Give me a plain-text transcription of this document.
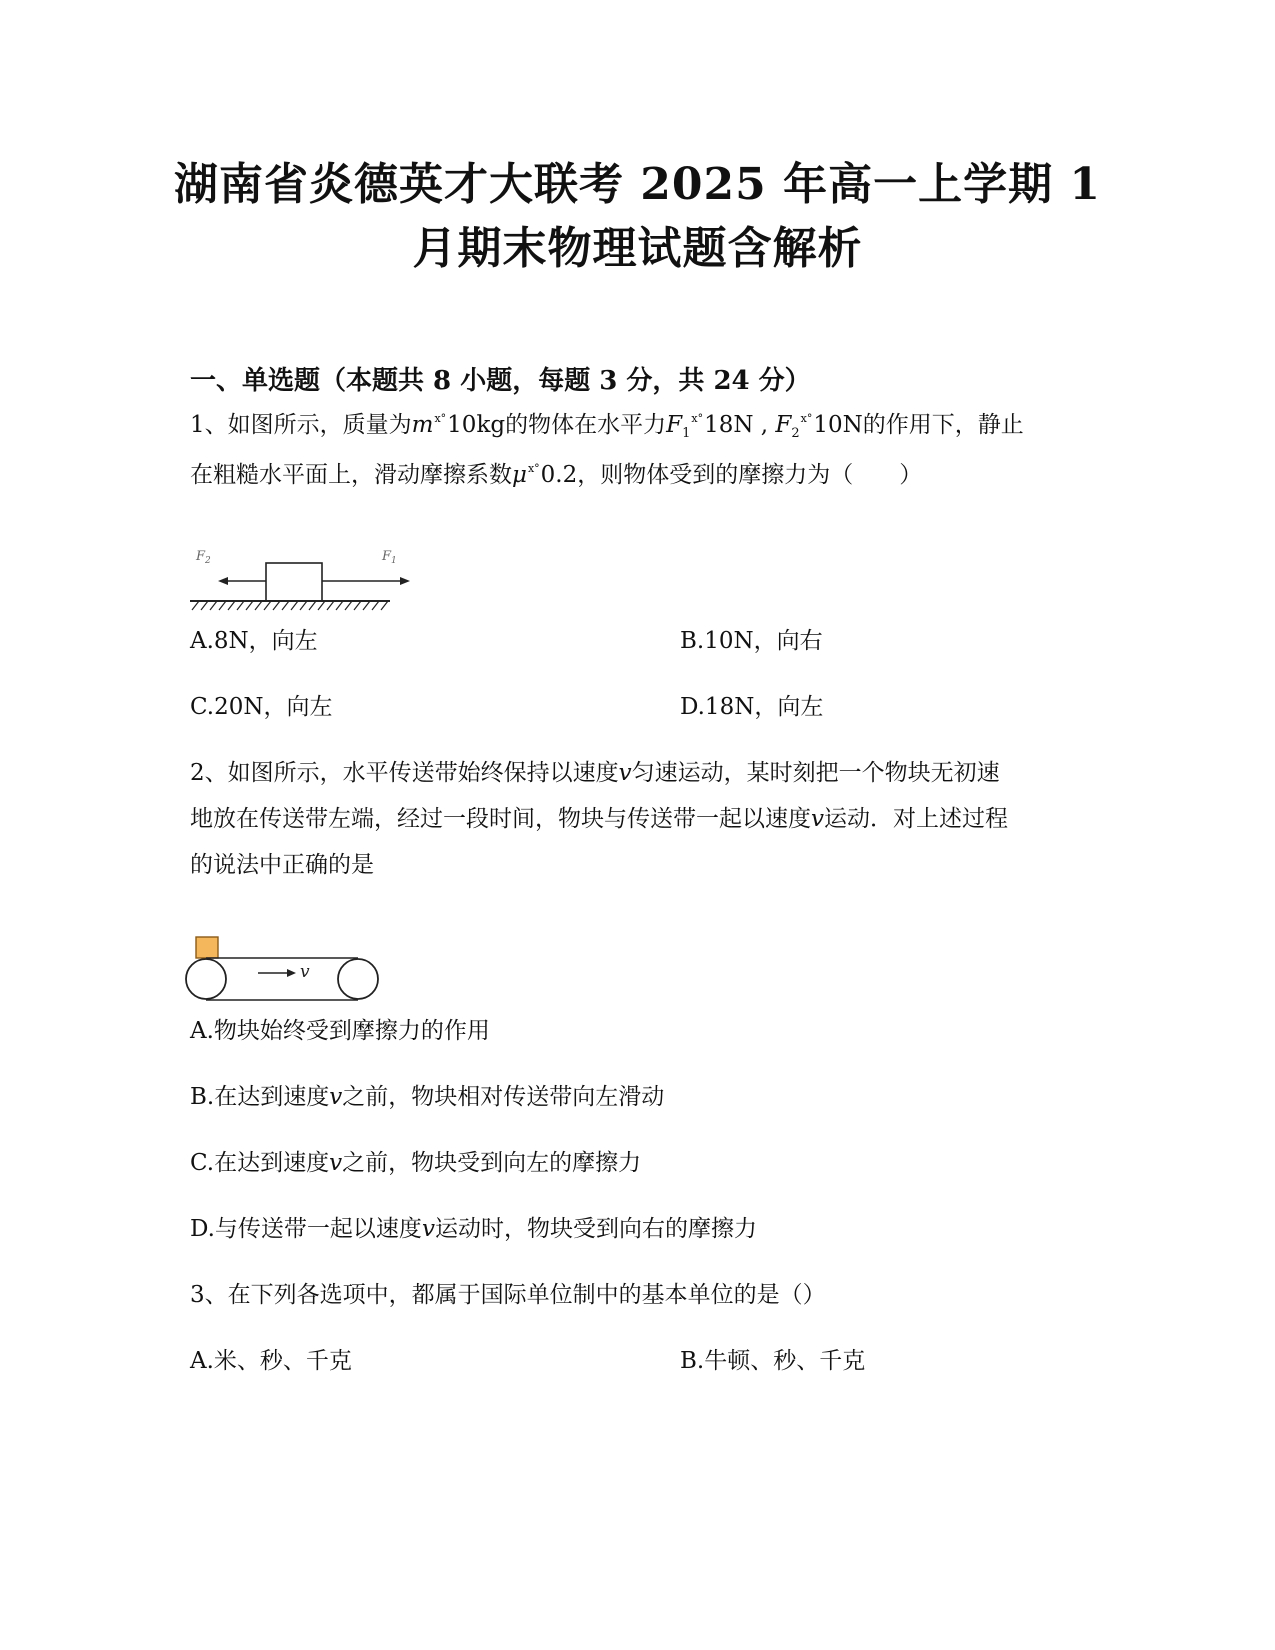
湖南省炎德英才大联考 2025 年高一上学期 1
月期末物理试题含解析
一、单选题（本题共 8 小题，每题 3 分，共 24 分）
1、如图所示，质量为$m^{x^\circ}10kg$的物体在水平力$F_1^{x^\circ}18N$ , $F_2^{x^\circ}10N$的作用下，静止
在粗糙水平面上，滑动摩擦系数$\mu^{x^\circ}0.2$，则物体受到的摩擦力为（　　）
$F_2$	$F_1$
A.8N，向左	B.10N，向右
C.20N，向左	D.18N，向左
2、如图所示，水平传送带始终保持以速度v匀速运动，某时刻把一个物块无初速
地放在传送带左端，经过一段时间，物块与传送带一起以速度v运动．对上述过程
的说法中正确的是
v
A.物块始终受到摩擦力的作用
B.在达到速度v之前，物块相对传送带向左滑动
C.在达到速度v之前，物块受到向左的摩擦力
D.与传送带一起以速度v运动时，物块受到向右的摩擦力
3、在下列各选项中，都属于国际单位制中的基本单位的是（）
A.米、秒、千克	B.牛顿、秒、千克
